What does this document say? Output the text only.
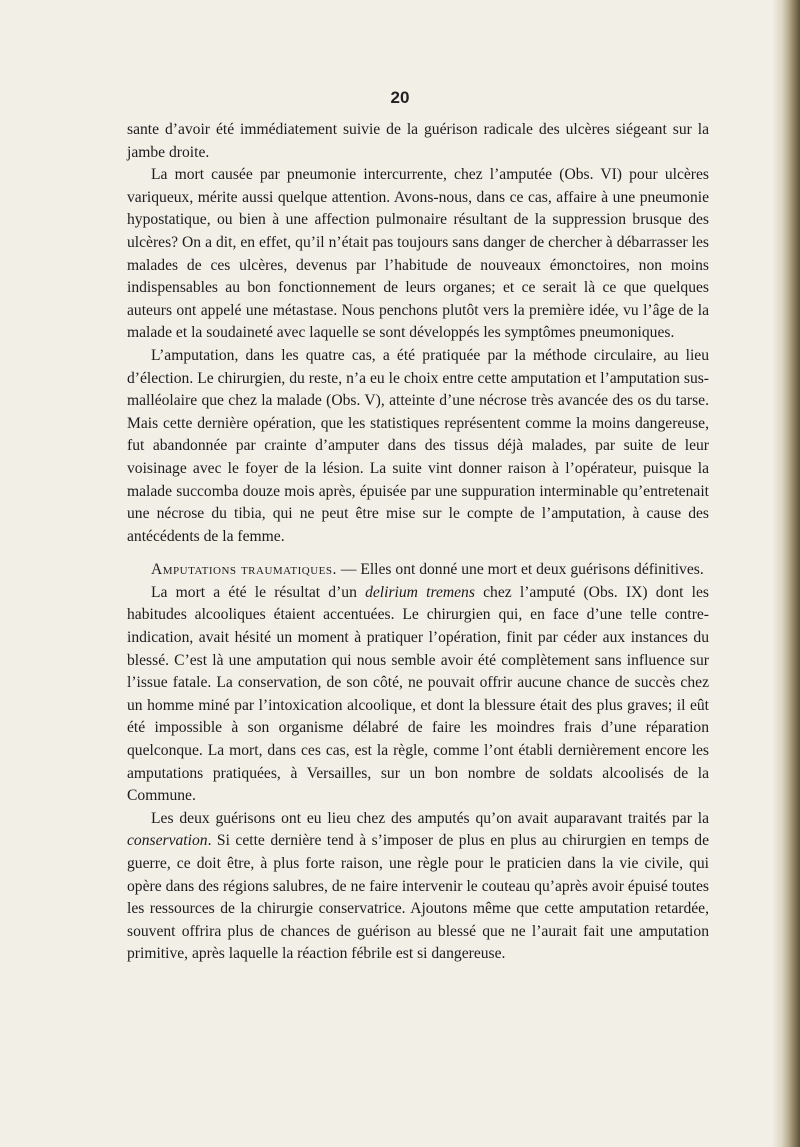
20

sante d’avoir été immédiatement suivie de la guérison radicale des ulcères siégeant sur la jambe droite.

La mort causée par pneumonie intercurrente, chez l’amputée (Obs. VI) pour ulcères variqueux, mérite aussi quelque attention. Avons-nous, dans ce cas, affaire à une pneumonie hypostatique, ou bien à une affection pulmonaire résultant de la suppression brusque des ulcères? On a dit, en effet, qu’il n’était pas toujours sans danger de chercher à débarrasser les malades de ces ulcères, devenus par l’habitude de nouveaux émonctoires, non moins indispensables au bon fonctionnement de leurs organes; et ce serait là ce que quelques auteurs ont appelé une métastase. Nous penchons plutôt vers la première idée, vu l’âge de la malade et la soudaineté avec laquelle se sont développés les symptômes pneumoniques.

L’amputation, dans les quatre cas, a été pratiquée par la méthode circulaire, au lieu d’élection. Le chirurgien, du reste, n’a eu le choix entre cette amputation et l’amputation sus-malléolaire que chez la malade (Obs. V), atteinte d’une nécrose très avancée des os du tarse. Mais cette dernière opération, que les statistiques représentent comme la moins dangereuse, fut abandonnée par crainte d’amputer dans des tissus déjà malades, par suite de leur voisinage avec le foyer de la lésion. La suite vint donner raison à l’opérateur, puisque la malade succomba douze mois après, épuisée par une suppuration interminable qu’entretenait une nécrose du tibia, qui ne peut être mise sur le compte de l’amputation, à cause des antécédents de la femme.

Amputations traumatiques. — Elles ont donné une mort et deux guérisons définitives.

La mort a été le résultat d’un delirium tremens chez l’amputé (Obs. IX) dont les habitudes alcooliques étaient accentuées. Le chirurgien qui, en face d’une telle contre-indication, avait hésité un moment à pratiquer l’opération, finit par céder aux instances du blessé. C’est là une amputation qui nous semble avoir été complètement sans influence sur l’issue fatale. La conservation, de son côté, ne pouvait offrir aucune chance de succès chez un homme miné par l’intoxication alcoolique, et dont la blessure était des plus graves; il eût été impossible à son organisme délabré de faire les moindres frais d’une réparation quelconque. La mort, dans ces cas, est la règle, comme l’ont établi dernièrement encore les amputations pratiquées, à Versailles, sur un bon nombre de soldats alcoolisés de la Commune.

Les deux guérisons ont eu lieu chez des amputés qu’on avait auparavant traités par la conservation. Si cette dernière tend à s’imposer de plus en plus au chirurgien en temps de guerre, ce doit être, à plus forte raison, une règle pour le praticien dans la vie civile, qui opère dans des régions salubres, de ne faire intervenir le couteau qu’après avoir épuisé toutes les ressources de la chirurgie conservatrice. Ajoutons même que cette amputation retardée, souvent offrira plus de chances de guérison au blessé que ne l’aurait fait une amputation primitive, après laquelle la réaction fébrile est si dangereuse.
